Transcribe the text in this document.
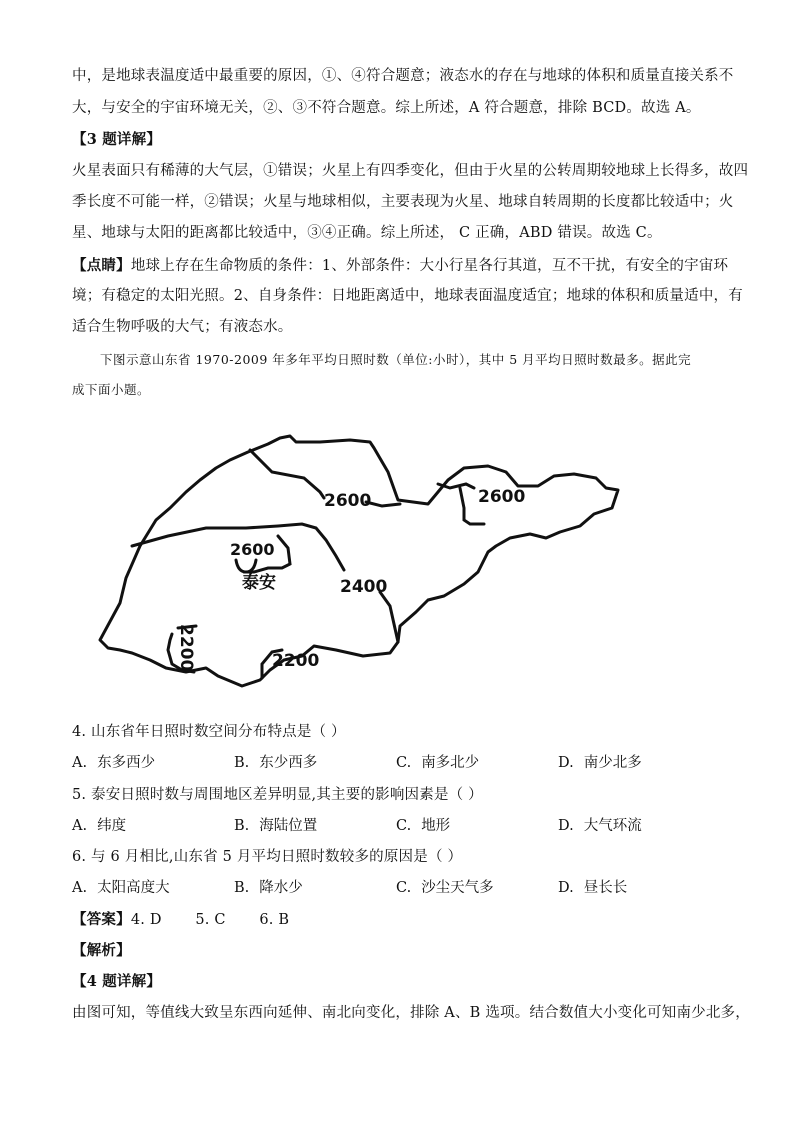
中，是地球表温度适中最重要的原因，①、④符合题意；液态水的存在与地球的体积和质量直接关系不
大，与安全的宇宙环境无关，②、③不符合题意。综上所述，A 符合题意，排除 BCD。故选 A。
【3 题详解】
火星表面只有稀薄的大气层，①错误；火星上有四季变化，但由于火星的公转周期较地球上长得多，故四
季长度不可能一样，②错误；火星与地球相似，主要表现为火星、地球自转周期的长度都比较适中；火
星、地球与太阳的距离都比较适中，③④正确。综上所述， C 正确，ABD 错误。故选 C。
【点睛】地球上存在生命物质的条件：1、外部条件：大小行星各行其道，互不干扰，有安全的宇宙环
境；有稳定的太阳光照。2、自身条件：日地距离适中，地球表面温度适宜；地球的体积和质量适中，有
适合生物呼吸的大气；有液态水。
下图示意山东省 1970-2009 年多年平均日照时数（单位:小时），其中 5 月平均日照时数最多。据此完
成下面小题。
2600	2600
2600
泰安	2400
2200	2200
4. 山东省年日照时数空间分布特点是（ ）
A. 东多西少	B. 东少西多	C. 南多北少	D. 南少北多
5. 泰安日照时数与周围地区差异明显,其主要的影响因素是（ ）
A. 纬度	B. 海陆位置	C. 地形	D. 大气环流
6. 与 6 月相比,山东省 5 月平均日照时数较多的原因是（ ）
A. 太阳高度大	B. 降水少	C. 沙尘天气多	D. 昼长长
【答案】4. D       5. C       6. B
【解析】
【4 题详解】
由图可知，等值线大致呈东西向延伸、南北向变化，排除 A、B 选项。结合数值大小变化可知南少北多，
